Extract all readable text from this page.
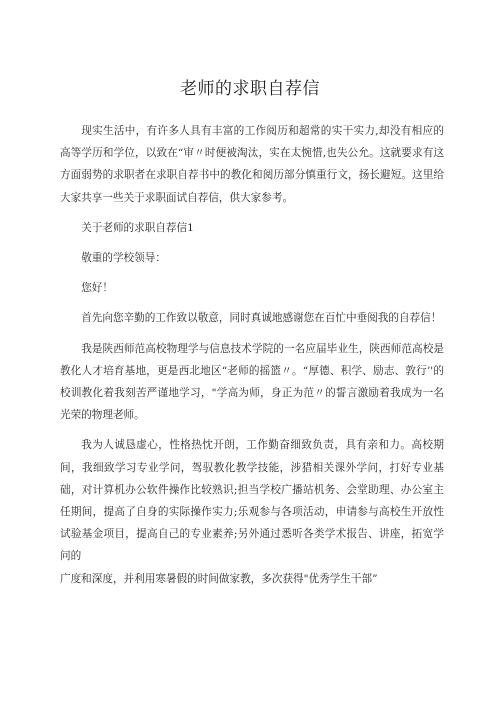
老师的求职自荐信

现实生活中，有许多人具有丰富的工作阅历和超常的实干实力,却没有相应的高等学历和学位，以致在“审〃时便被淘汰，实在太惋惜,也失公允。这就要求有这方面弱势的求职者在求职自荐书中的教化和阅历部分慎重行文，扬长避短。这里给大家共享一些关于求职面试自荐信，供大家参考。

关于老师的求职自荐信1

敬重的学校领导：

您好！

首先向您辛勤的工作致以敬意，同时真诚地感谢您在百忙中垂阅我的自荐信！

我是陕西师范高校物理学与信息技术学院的一名应届毕业生，陕西师范高校是教化人才培育基地，更是西北地区“老师的摇篮〃。“厚德、积学、励志、敦行’'的校训教化着我刻苦严谨地学习，"学高为师，身正为范〃的誓言激励着我成为一名光荣的物理老师。

我为人诚恳虚心，性格热忱开朗，工作勤奋细致负责，具有亲和力。高校期间，我细致学习专业学问，驾驭教化教学技能，涉猎相关课外学问，打好专业基础，对计算机办公软件操作比较熟识;担当学校广播站机务、会堂助理、办公室主任期间，提高了自身的实际操作实力;乐观参与各项活动，申请参与高校生开放性试验基金项目，提高自己的专业素养;另外通过悉听各类学术报告、讲座，拓宽学问的

广度和深度，并利用寒暑假的时间做家教，多次获得"优秀学生干部”
